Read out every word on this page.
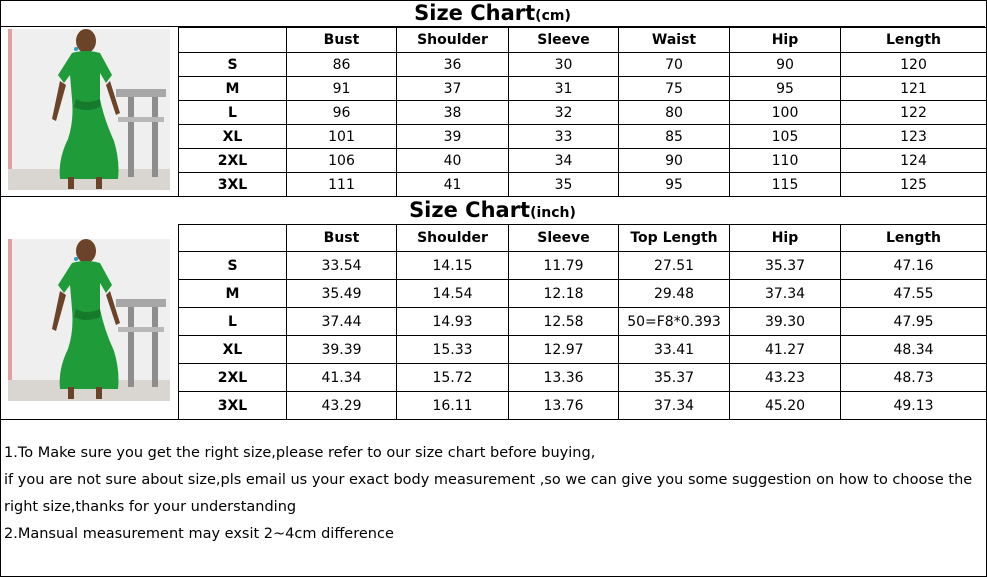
Size Chart(cm)
	Bust	Shoulder	Sleeve	Waist	Hip	Length
S	86	36	30	70	90	120
M	91	37	31	75	95	121
L	96	38	32	80	100	122
XL	101	39	33	85	105	123
2XL	106	40	34	90	110	124
3XL	111	41	35	95	115	125
Size Chart(inch)
	Bust	Shoulder	Sleeve	Top Length	Hip	Length
S	33.54	14.15	11.79	27.51	35.37	47.16
M	35.49	14.54	12.18	29.48	37.34	47.55
L	37.44	14.93	12.58	50=F8*0.393	39.30	47.95
XL	39.39	15.33	12.97	33.41	41.27	48.34
2XL	41.34	15.72	13.36	35.37	43.23	48.73
3XL	43.29	16.11	13.76	37.34	45.20	49.13

1.To Make sure you get the right size,please refer to our size chart before buying,

if you are not sure about size,pls email us your exact body measurement ,so we can give you some suggestion on how to choose the

right size,thanks for your understanding

2.Mansual measurement may exsit 2~4cm difference
